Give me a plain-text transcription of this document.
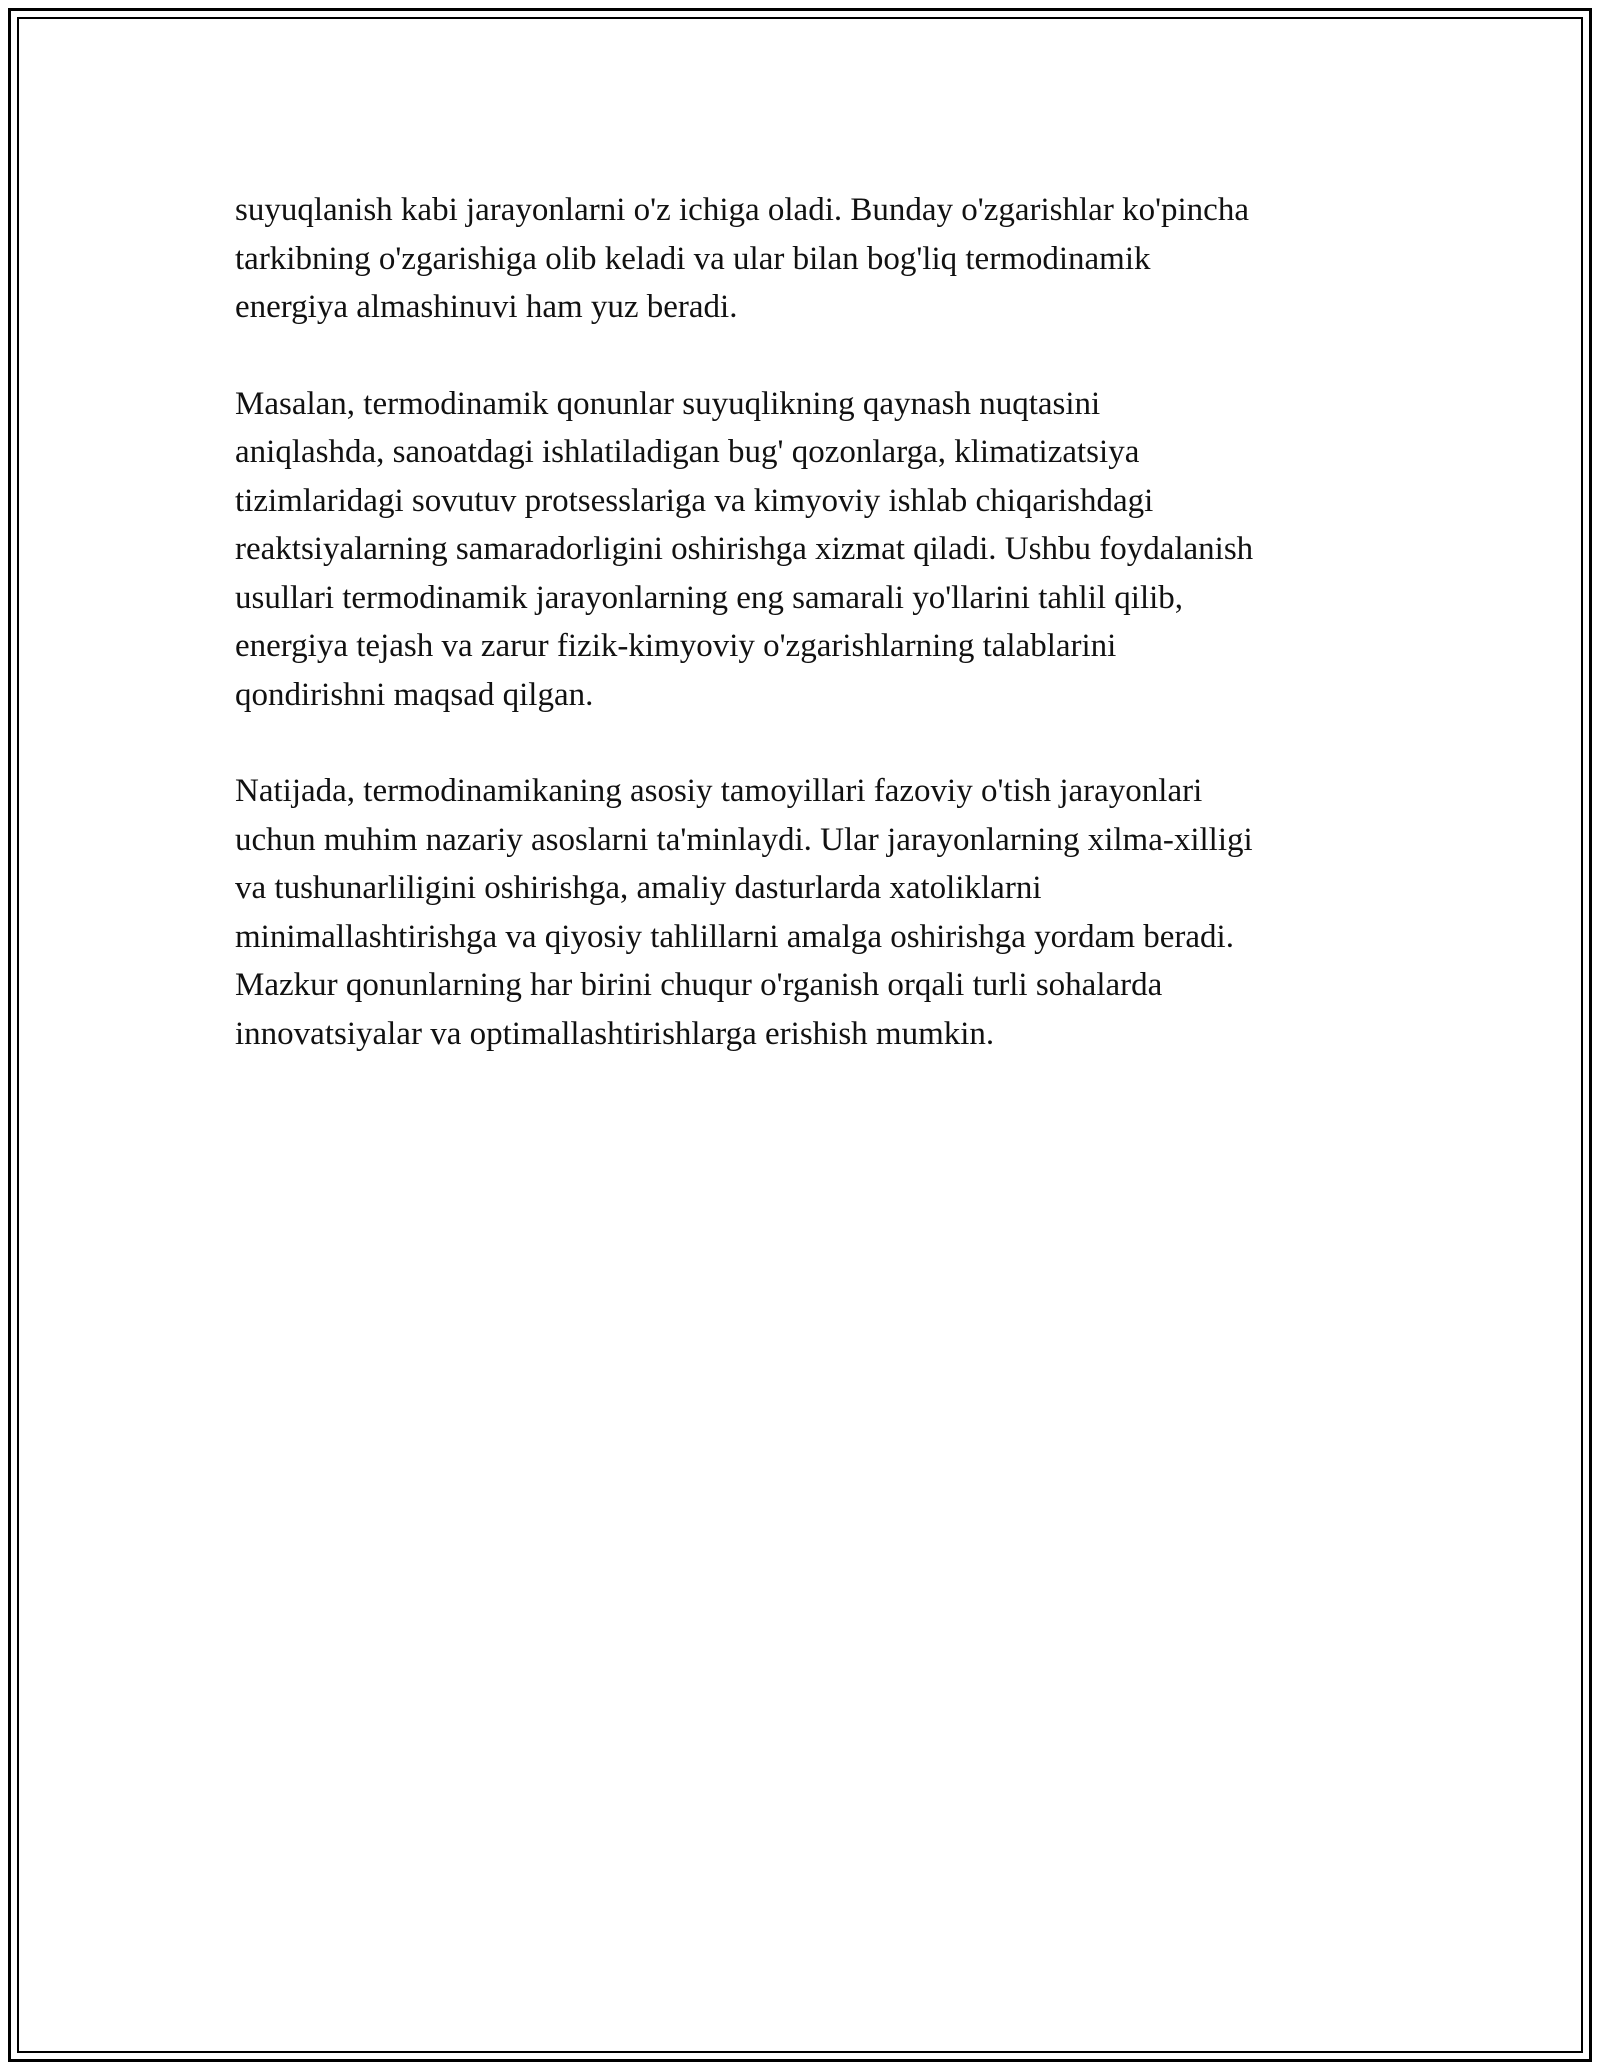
suyuqlanish kabi jarayonlarni o'z ichiga oladi. Bunday o'zgarishlar ko'pincha
tarkibning o'zgarishiga olib keladi va ular bilan bog'liq termodinamik
energiya almashinuvi ham yuz beradi.

Masalan, termodinamik qonunlar suyuqlikning qaynash nuqtasini
aniqlashda, sanoatdagi ishlatiladigan bug' qozonlarga, klimatizatsiya
tizimlaridagi sovutuv protsesslariga va kimyoviy ishlab chiqarishdagi
reaktsiyalarning samaradorligini oshirishga xizmat qiladi. Ushbu foydalanish
usullari termodinamik jarayonlarning eng samarali yo'llarini tahlil qilib,
energiya tejash va zarur fizik-kimyoviy o'zgarishlarning talablarini
qondirishni maqsad qilgan.

Natijada, termodinamikaning asosiy tamoyillari fazoviy o'tish jarayonlari
uchun muhim nazariy asoslarni ta'minlaydi. Ular jarayonlarning xilma-xilligi
va tushunarliligini oshirishga, amaliy dasturlarda xatoliklarni
minimallashtirishga va qiyosiy tahlillarni amalga oshirishga yordam beradi.
Mazkur qonunlarning har birini chuqur o'rganish orqali turli sohalarda
innovatsiyalar va optimallashtirishlarga erishish mumkin.
